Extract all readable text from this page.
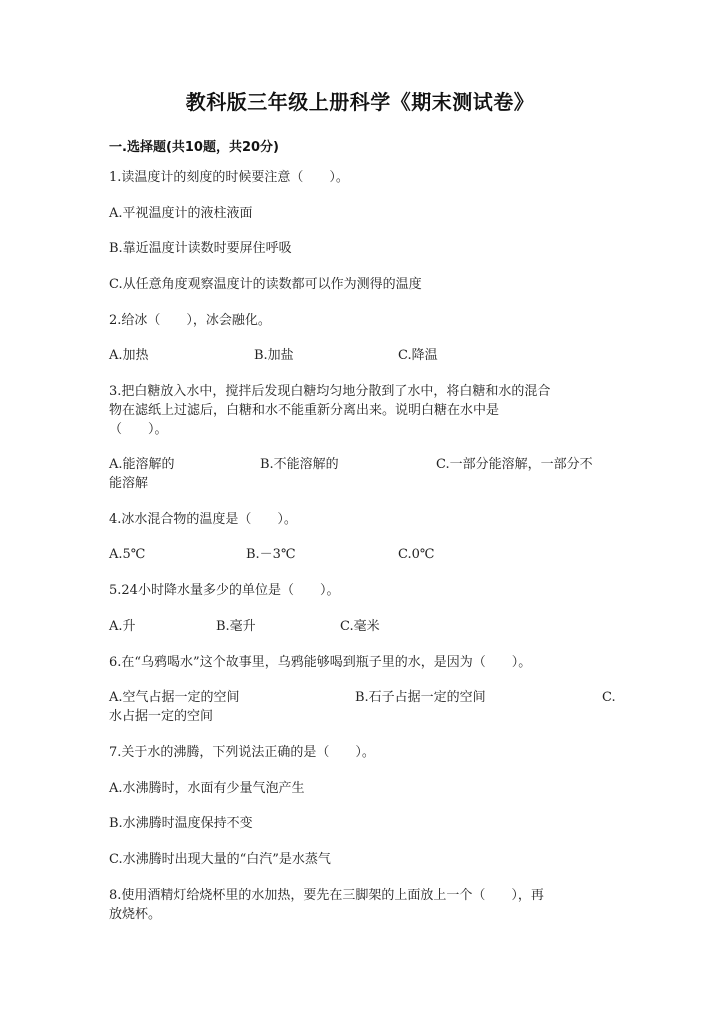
教科版三年级上册科学《期末测试卷》
一.选择题(共10题，共20分)
1.读温度计的刻度的时候要注意（　　）。
A.平视温度计的液柱液面
B.靠近温度计读数时要屏住呼吸
C.从任意角度观察温度计的读数都可以作为测得的温度
2.给冰（　　），冰会融化。
A.加热	B.加盐	C.降温
3.把白糖放入水中，搅拌后发现白糖均匀地分散到了水中，将白糖和水的混合
物在滤纸上过滤后，白糖和水不能重新分离出来。说明白糖在水中是
（　　）。
A.能溶解的	B.不能溶解的	C.一部分能溶解，一部分不
能溶解
4.冰水混合物的温度是（　　）。
A.5℃	B.－3℃	C.0℃
5.24小时降水量多少的单位是（　　）。
A.升	B.毫升	C.毫米
6.在“乌鸦喝水”这个故事里，乌鸦能够喝到瓶子里的水，是因为（　　）。
A.空气占据一定的空间	B.石子占据一定的空间	C.
水占据一定的空间
7.关于水的沸腾，下列说法正确的是（　　）。
A.水沸腾时，水面有少量气泡产生
B.水沸腾时温度保持不变
C.水沸腾时出现大量的“白汽”是水蒸气
8.使用酒精灯给烧杯里的水加热，要先在三脚架的上面放上一个（　　），再
放烧杯。
